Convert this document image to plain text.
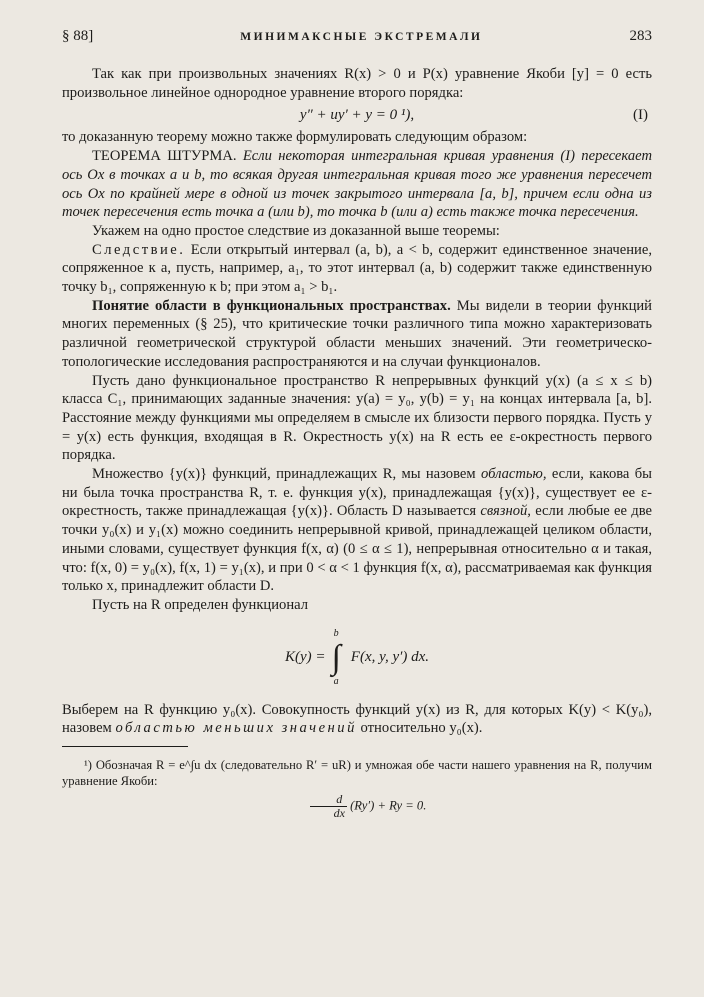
§ 88]	МИНИМАКСНЫЕ ЭКСТРЕМАЛИ	283

Так как при произвольных значениях R(x) > 0 и P(x) уравнение Якоби [y] = 0 есть произвольное линейное однородное уравнение второго порядка:

y″ + uy′ + y = 0 ¹),	(I)

то доказанную теорему можно также формулировать следующим образом:

ТЕОРЕМА ШТУРМА. Если некоторая интегральная кривая уравнения (I) пересекает ось Ox в точках a и b, то всякая другая интегральная кривая того же уравнения пересечет ось Ox по крайней мере в одной из точек закрытого интервала [a, b], причем если одна из точек пересечения есть точка a (или b), то точка b (или a) есть также точка пересечения.

Укажем на одно простое следствие из доказанной выше теоремы:

Следствие. Если открытый интервал (a, b), a < b, содержит единственное значение, сопряженное к a, пусть, например, a₁, то этот интервал (a, b) содержит также единственную точку b₁, сопряженную к b; при этом a₁ > b₁.

Понятие области в функциональных пространствах. Мы видели в теории функций многих переменных (§ 25), что критические точки различного типа можно характеризовать различной геометрической структурой области меньших значений. Эти геометрическо-топологические исследования распространяются и на случаи функционалов.

Пусть дано функциональное пространство R непрерывных функций y(x) (a ≤ x ≤ b) класса C₁, принимающих заданные значения: y(a) = y₀, y(b) = y₁ на концах интервала [a, b]. Расстояние между функциями мы определяем в смысле их близости первого порядка. Пусть y = y(x) есть функция, входящая в R. Окрестность y(x) на R есть ее ε-окрестность первого порядка.

Множество {y(x)} функций, принадлежащих R, мы назовем областью, если, какова бы ни была точка пространства R, т. е. функция y(x), принадлежащая {y(x)}, существует ее ε-окрестность, также принадлежащая {y(x)}. Область D называется связной, если любые ее две точки y₀(x) и y₁(x) можно соединить непрерывной кривой, принадлежащей целиком области, иными словами, существует функция f(x, α) (0 ≤ α ≤ 1), непрерывная относительно α и такая, что: f(x, 0) = y₀(x), f(x, 1) = y₁(x), и при 0 < α < 1 функция f(x, α), рассматриваемая как функция только x, принадлежит области D.

Пусть на R определен функционал

K(y) =
b
∫
a
F(x, y, y′) dx.

Выберем на R функцию y₀(x). Совокупность функций y(x) из R, для которых K(y) < K(y₀), назовем областью меньших значений относительно y₀(x).

¹) Обозначая R = e^∫u dx (следовательно R′ = uR) и умножая обе части нашего уравнения на R, получим уравнение Якоби:
$\frac{d}{dx} (Ry') + Ry = 0$.
